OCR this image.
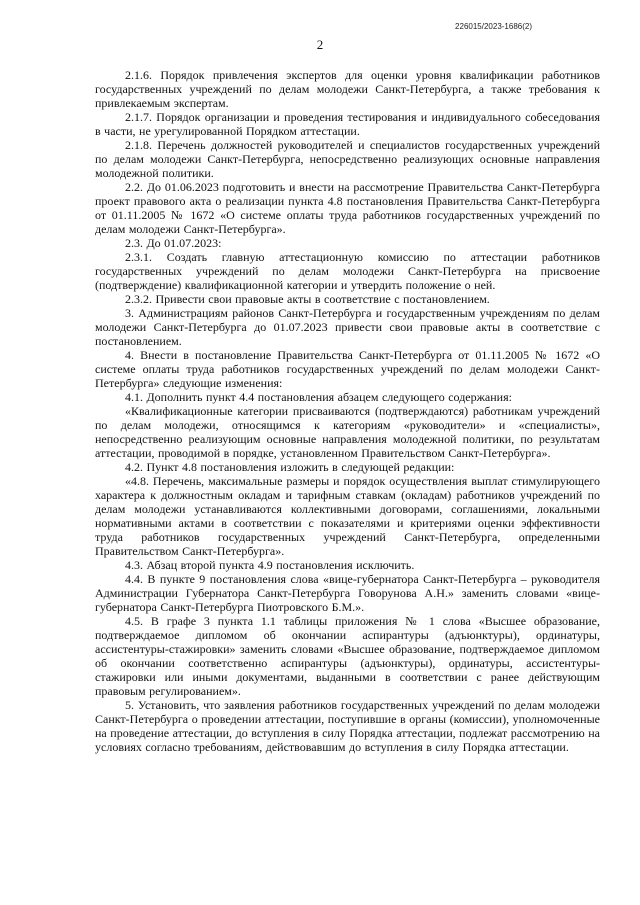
226015/2023-1686(2)
2

2.1.6. Порядок привлечения экспертов для оценки уровня квалификации работников государственных учреждений по делам молодежи Санкт-Петербурга, а также требования к привлекаемым экспертам.

2.1.7. Порядок организации и проведения тестирования и индивидуального собеседования в части, не урегулированной Порядком аттестации.

2.1.8. Перечень должностей руководителей и специалистов государственных учреждений по делам молодежи Санкт-Петербурга, непосредственно реализующих основные направления молодежной политики.

2.2. До 01.06.2023 подготовить и внести на рассмотрение Правительства Санкт-Петербурга проект правового акта о реализации пункта 4.8 постановления Правительства Санкт-Петербурга от 01.11.2005 № 1672 «О системе оплаты труда работников государственных учреждений по делам молодежи Санкт-Петербурга».

2.3. До 01.07.2023:

2.3.1. Создать главную аттестационную комиссию по аттестации работников государственных учреждений по делам молодежи Санкт-Петербурга на присвоение (подтверждение) квалификационной категории и утвердить положение о ней.

2.3.2. Привести свои правовые акты в соответствие с постановлением.

3. Администрациям районов Санкт-Петербурга и государственным учреждениям по делам молодежи Санкт-Петербурга до 01.07.2023 привести свои правовые акты в соответствие с постановлением.

4. Внести в постановление Правительства Санкт-Петербурга от 01.11.2005 № 1672 «О системе оплаты труда работников государственных учреждений по делам молодежи Санкт-Петербурга» следующие изменения:

4.1. Дополнить пункт 4.4 постановления абзацем следующего содержания:

«Квалификационные категории присваиваются (подтверждаются) работникам учреждений по делам молодежи, относящимся к категориям «руководители» и «специалисты», непосредственно реализующим основные направления молодежной политики, по результатам аттестации, проводимой в порядке, установленном Правительством Санкт-Петербурга».

4.2. Пункт 4.8 постановления изложить в следующей редакции:

«4.8. Перечень, максимальные размеры и порядок осуществления выплат стимулирующего характера к должностным окладам и тарифным ставкам (окладам) работников учреждений по делам молодежи устанавливаются коллективными договорами, соглашениями, локальными нормативными актами в соответствии с показателями и критериями оценки эффективности труда работников государственных учреждений Санкт-Петербурга, определенными Правительством Санкт-Петербурга».

4.3. Абзац второй пункта 4.9 постановления исключить.

4.4. В пункте 9 постановления слова «вице-губернатора Санкт-Петербурга – руководителя Администрации Губернатора Санкт-Петербурга Говорунова А.Н.» заменить словами «вице-губернатора Санкт-Петербурга Пиотровского Б.М.».

4.5. В графе 3 пункта 1.1 таблицы приложения № 1 слова «Высшее образование, подтверждаемое дипломом об окончании аспирантуры (адъюнктуры), ординатуры, ассистентуры-стажировки» заменить словами «Высшее образование, подтверждаемое дипломом об окончании соответственно аспирантуры (адъюнктуры), ординатуры, ассистентуры-стажировки или иными документами, выданными в соответствии с ранее действующим правовым регулированием».

5. Установить, что заявления работников государственных учреждений по делам молодежи Санкт-Петербурга о проведении аттестации, поступившие в органы (комиссии), уполномоченные на проведение аттестации, до вступления в силу Порядка аттестации, подлежат рассмотрению на условиях согласно требованиям, действовавшим до вступления в силу Порядка аттестации.
